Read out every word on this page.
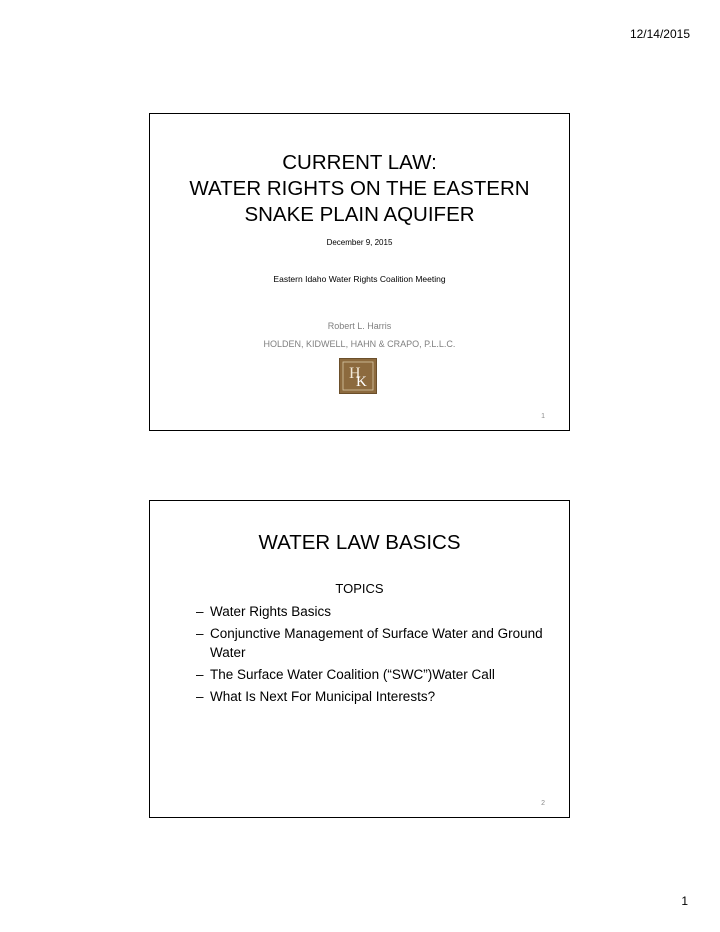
12/14/2015
CURRENT LAW:
WATER RIGHTS ON THE EASTERN
SNAKE PLAIN AQUIFER
December 9, 2015
Eastern Idaho Water Rights Coalition Meeting
Robert L. Harris
HOLDEN, KIDWELL, HAHN & CRAPO, P.L.L.C.
H
K
1
WATER LAW BASICS
TOPICS
– Water Rights Basics
– Conjunctive Management of Surface Water and Ground Water
– The Surface Water Coalition (“SWC”)Water Call
– What Is Next For Municipal Interests?
2
1
